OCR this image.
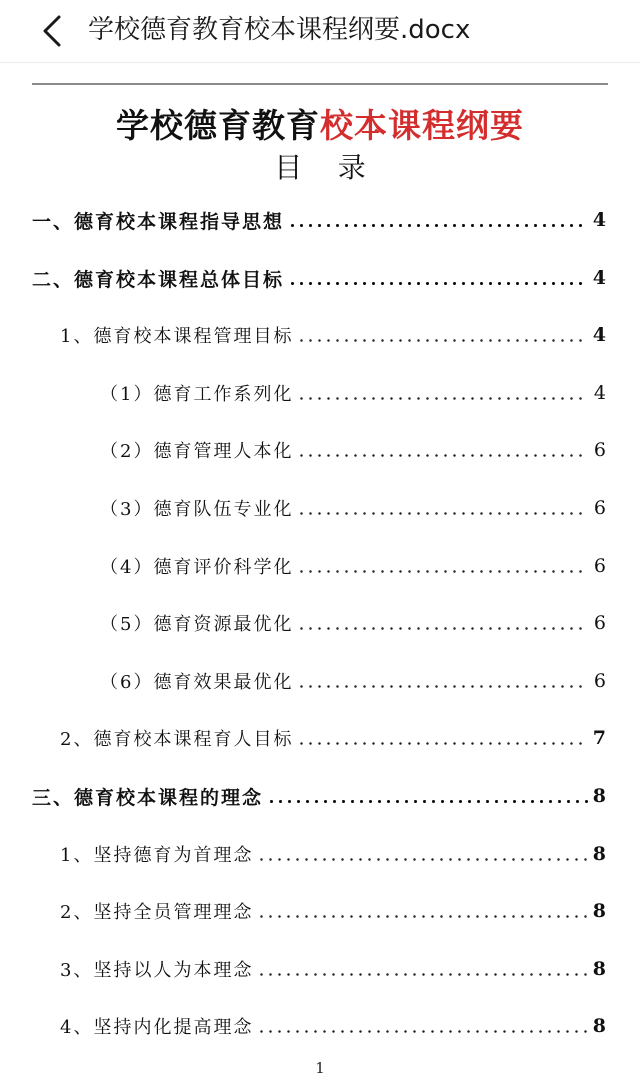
学校德育教育校本课程纲要.docx
学校德育教育校本课程纲要
目    录
一、德育校本课程指导思想	4
二、德育校本课程总体目标	4
1、德育校本课程管理目标	4
（1）德育工作系列化	4
（2）德育管理人本化	6
（3）德育队伍专业化	6
（4）德育评价科学化	6
（5）德育资源最优化	6
（6）德育效果最优化	6
2、德育校本课程育人目标	7
三、德育校本课程的理念	8
1、坚持德育为首理念	8
2、坚持全员管理理念	8
3、坚持以人为本理念	8
4、坚持内化提高理念	8
1
